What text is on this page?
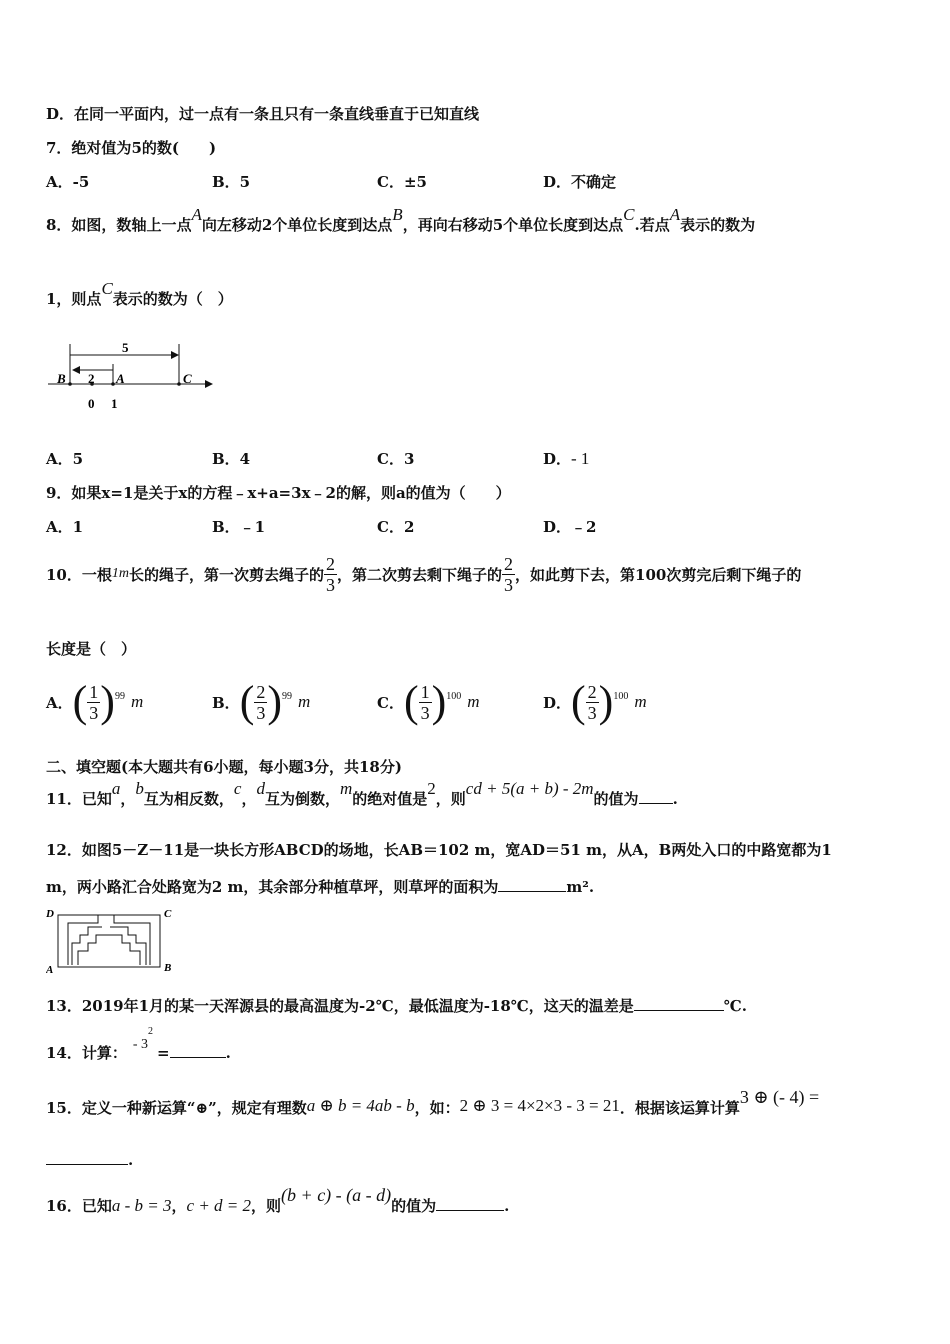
D．在同一平面内，过一点有一条且只有一条直线垂直于已知直线
7．绝对值为5的数(　　)
A．-5	B．5	C．±5	D．不确定
8．如图，数轴上一点A向左移动2个单位长度到达点B，再向右移动5个单位长度到达点C.若点A表示的数为
1，则点C表示的数为（　）
5
B 2 A	C
0 1
A．5	B．4	C．3	D．- 1
9．如果x=1是关于x的方程﹣x+a=3x﹣2的解，则a的值为（　　）
A．1	B．﹣1	C．2	D．﹣2
10．一根 1m 长的绳子，第一次剪去绳子的 $\frac{2}{3}$ ，第二次剪去剩下绳子的 $\frac{2}{3}$ ，如此剪下去，第100次剪完后剩下绳子的
长度是（　）
A． ( $\frac{1}{3}$ ) 99 m	B． ( $\frac{2}{3}$ ) 99 m	C． ( $\frac{1}{3}$ ) 100 m	D． ( $\frac{2}{3}$ ) 100 m
二、填空题(本大题共有6小题，每小题3分，共18分)
11．已知a，b互为相反数，c，d互为倒数，m的绝对值是2，则cd + 5(a + b) - 2m的值为 .
12．如图5－Z－11是一块长方形ABCD的场地，长AB＝102 m，宽AD＝51 m，从A，B两处入口的中路宽都为1
m，两小路汇合处路宽为2 m，其余部分种植草坪，则草坪的面积为	m².
D	C
A	B
13．2019年1月的某一天浑源县的最高温度为-2℃，最低温度为-18℃，这天的温差是	℃.
14．计算： - $3^2=$	.
15．定义一种新运算“⊕”，规定有理数a ⊕ b = 4ab - b，如：2 ⊕ 3 = 4×2×3 - 3 = 21．根据该运算计算3 ⊕ (- 4) =
.
16．已知a - b = 3，c + d = 2，则(b + c) - (a - d)的值为	.
